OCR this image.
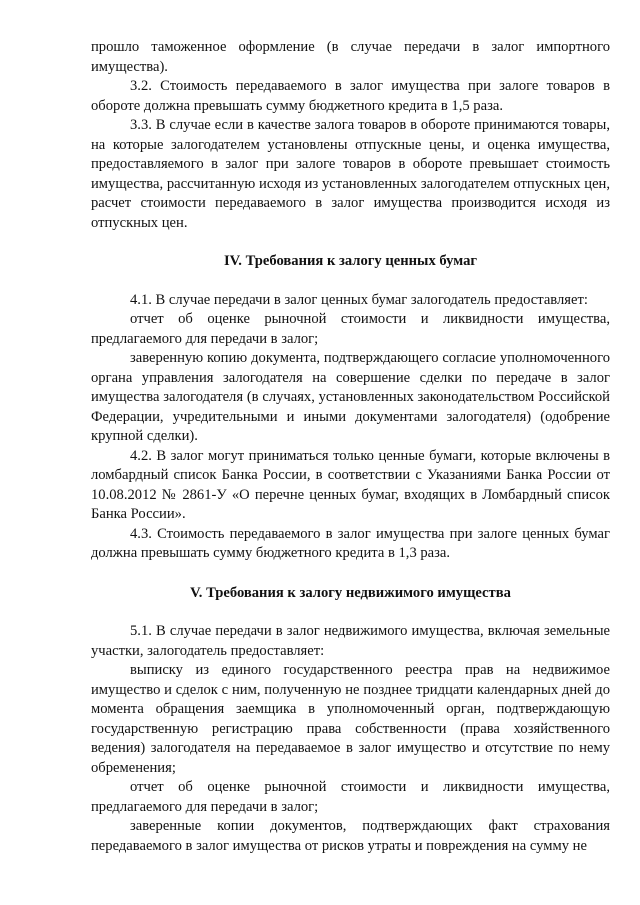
прошло таможенное оформление (в случае передачи в залог импортного имущества).

3.2. Стоимость передаваемого в залог имущества при залоге товаров в обороте должна превышать сумму бюджетного кредита в 1,5 раза.

3.3. В случае если в качестве залога товаров в обороте принимаются товары, на которые залогодателем установлены отпускные цены, и оценка имущества, предоставляемого в залог при залоге товаров в обороте превышает стоимость имущества, рассчитанную исходя из установленных залогодателем отпускных цен, расчет стоимости передаваемого в залог имущества производится исходя из отпускных цен.

IV. Требования к залогу ценных бумаг

4.1. В случае передачи в залог ценных бумаг залогодатель предоставляет:

отчет об оценке рыночной стоимости и ликвидности имущества, предлагаемого для передачи в залог;

заверенную копию документа, подтверждающего согласие уполномоченного органа управления залогодателя на совершение сделки по передаче в залог имущества залогодателя (в случаях, установленных законодательством Российской Федерации, учредительными и иными документами залогодателя) (одобрение крупной сделки).

4.2. В залог могут приниматься только ценные бумаги, которые включены в ломбардный список Банка России, в соответствии с Указаниями Банка России от 10.08.2012 № 2861-У «О перечне ценных бумаг, входящих в Ломбардный список Банка России».

4.3. Стоимость передаваемого в залог имущества при залоге ценных бумаг должна превышать сумму бюджетного кредита в 1,3 раза.

V. Требования к залогу недвижимого имущества

5.1. В случае передачи в залог недвижимого имущества, включая земельные участки, залогодатель предоставляет:

выписку из единого государственного реестра прав на недвижимое имущество и сделок с ним, полученную не позднее тридцати календарных дней до момента обращения заемщика в уполномоченный орган, подтверждающую государственную регистрацию права собственности (права хозяйственного ведения) залогодателя на передаваемое в залог имущество и отсутствие по нему обременения;

отчет об оценке рыночной стоимости и ликвидности имущества, предлагаемого для передачи в залог;

заверенные копии документов, подтверждающих факт страхования передаваемого в залог имущества от рисков утраты и повреждения на сумму не
